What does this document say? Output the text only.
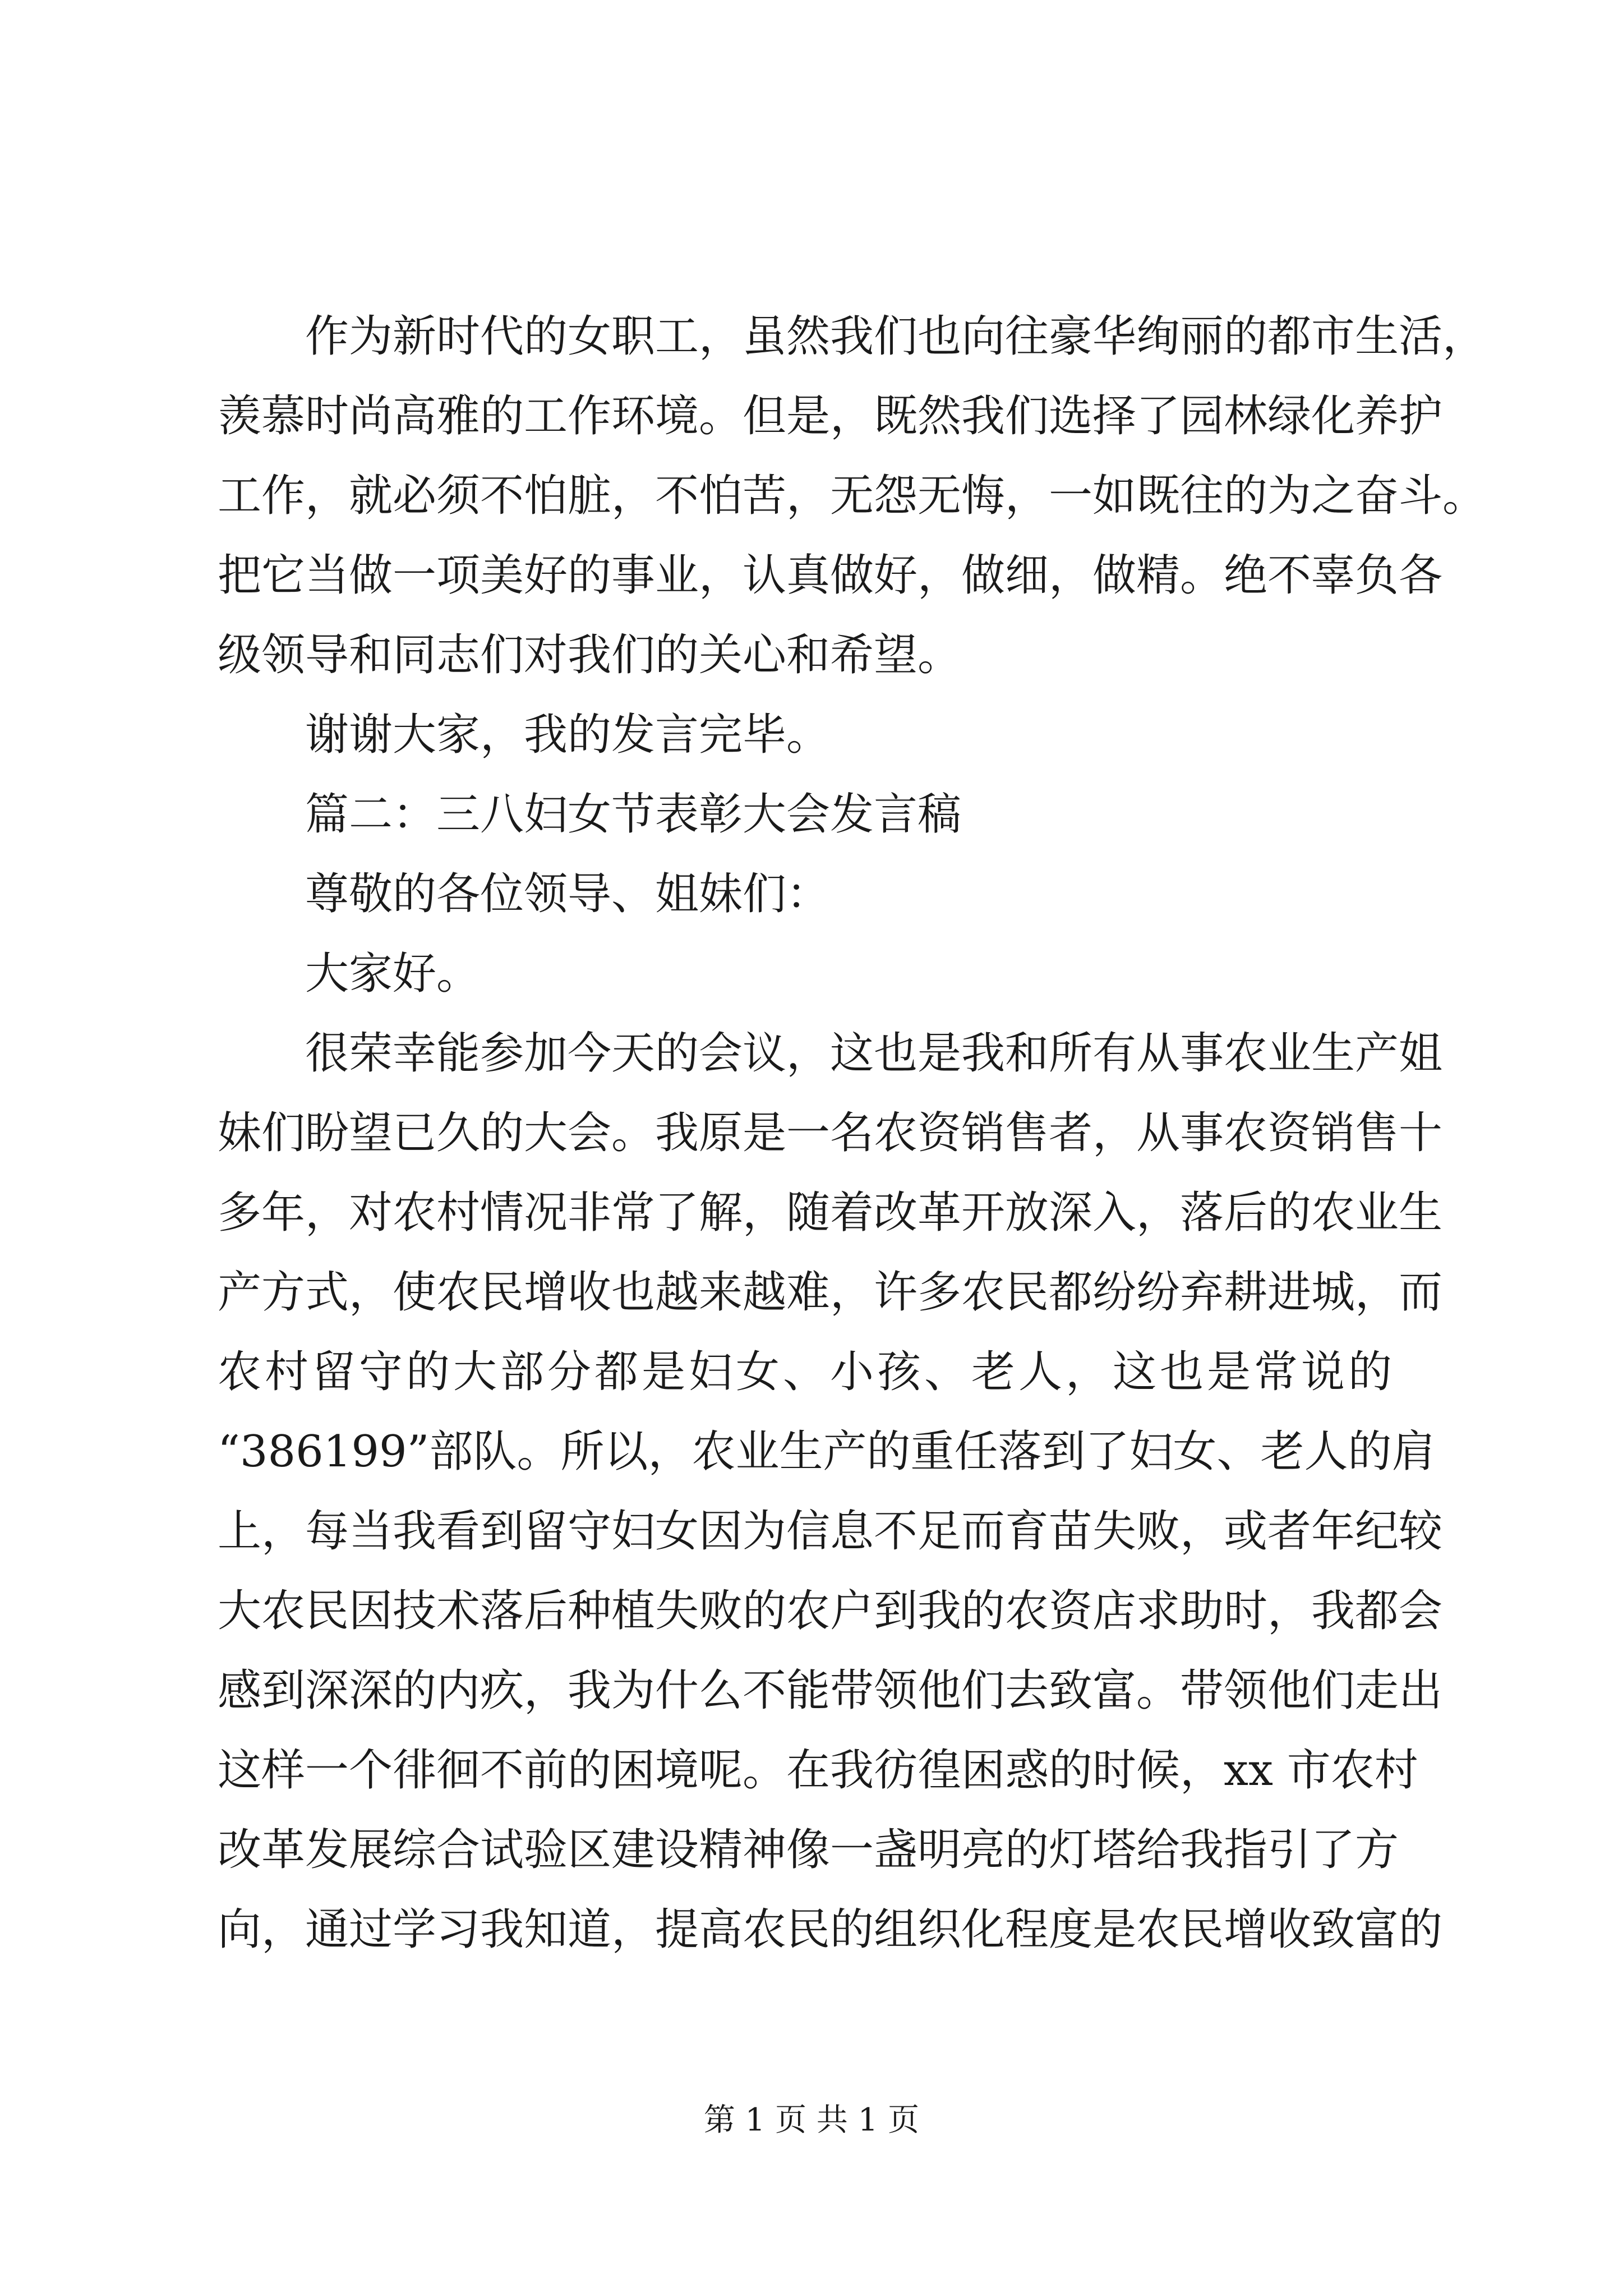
作为新时代的女职工，虽然我们也向往豪华绚丽的都市生活，
羡慕时尚高雅的工作环境。但是，既然我们选择了园林绿化养护
工作，就必须不怕脏，不怕苦，无怨无悔，一如既往的为之奋斗。
把它当做一项美好的事业，认真做好，做细，做精。绝不辜负各
级领导和同志们对我们的关心和希望。
谢谢大家，我的发言完毕。
篇二：三八妇女节表彰大会发言稿
尊敬的各位领导、姐妹们：
大家好。
很荣幸能参加今天的会议，这也是我和所有从事农业生产姐
妹们盼望已久的大会。我原是一名农资销售者，从事农资销售十
多年，对农村情况非常了解，随着改革开放深入，落后的农业生
产方式，使农民增收也越来越难，许多农民都纷纷弃耕进城，而
农村留守的大部分都是妇女、小孩、老人，这也是常说的
“386199”部队。所以，农业生产的重任落到了妇女、老人的肩
上，每当我看到留守妇女因为信息不足而育苗失败，或者年纪较
大农民因技术落后种植失败的农户到我的农资店求助时，我都会
感到深深的内疚，我为什么不能带领他们去致富。带领他们走出
这样一个徘徊不前的困境呢。在我彷徨困惑的时候，xx 市农村
改革发展综合试验区建设精神像一盏明亮的灯塔给我指引了方
向，通过学习我知道，提高农民的组织化程度是农民增收致富的
第 1 页 共 1 页
